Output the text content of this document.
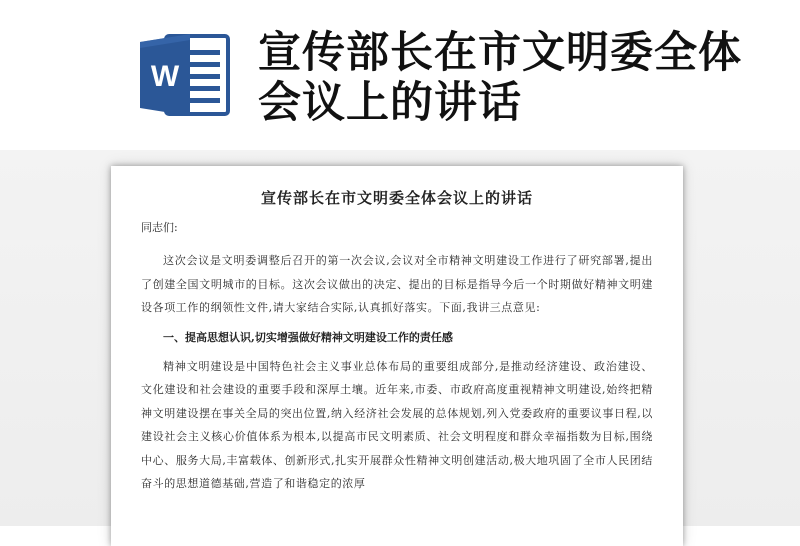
W 宣传部长在市文明委全体会议上的讲话
宣传部长在市文明委全体会议上的讲话
同志们:

这次会议是文明委调整后召开的第一次会议,会议对全市精神文明建设工作进行了研究部署,提出了创建全国文明城市的目标。这次会议做出的决定、提出的目标是指导今后一个时期做好精神文明建设各项工作的纲领性文件,请大家结合实际,认真抓好落实。下面,我讲三点意见:

一、提高思想认识,切实增强做好精神文明建设工作的责任感

精神文明建设是中国特色社会主义事业总体布局的重要组成部分,是推动经济建设、政治建设、文化建设和社会建设的重要手段和深厚土壤。近年来,市委、市政府高度重视精神文明建设,始终把精神文明建设摆在事关全局的突出位置,纳入经济社会发展的总体规划,列入党委政府的重要议事日程,以建设社会主义核心价值体系为根本,以提高市民文明素质、社会文明程度和群众幸福指数为目标,围绕中心、服务大局,丰富载体、创新形式,扎实开展群众性精神文明创建活动,极大地巩固了全市人民团结奋斗的思想道德基础,营造了和谐稳定的浓厚
